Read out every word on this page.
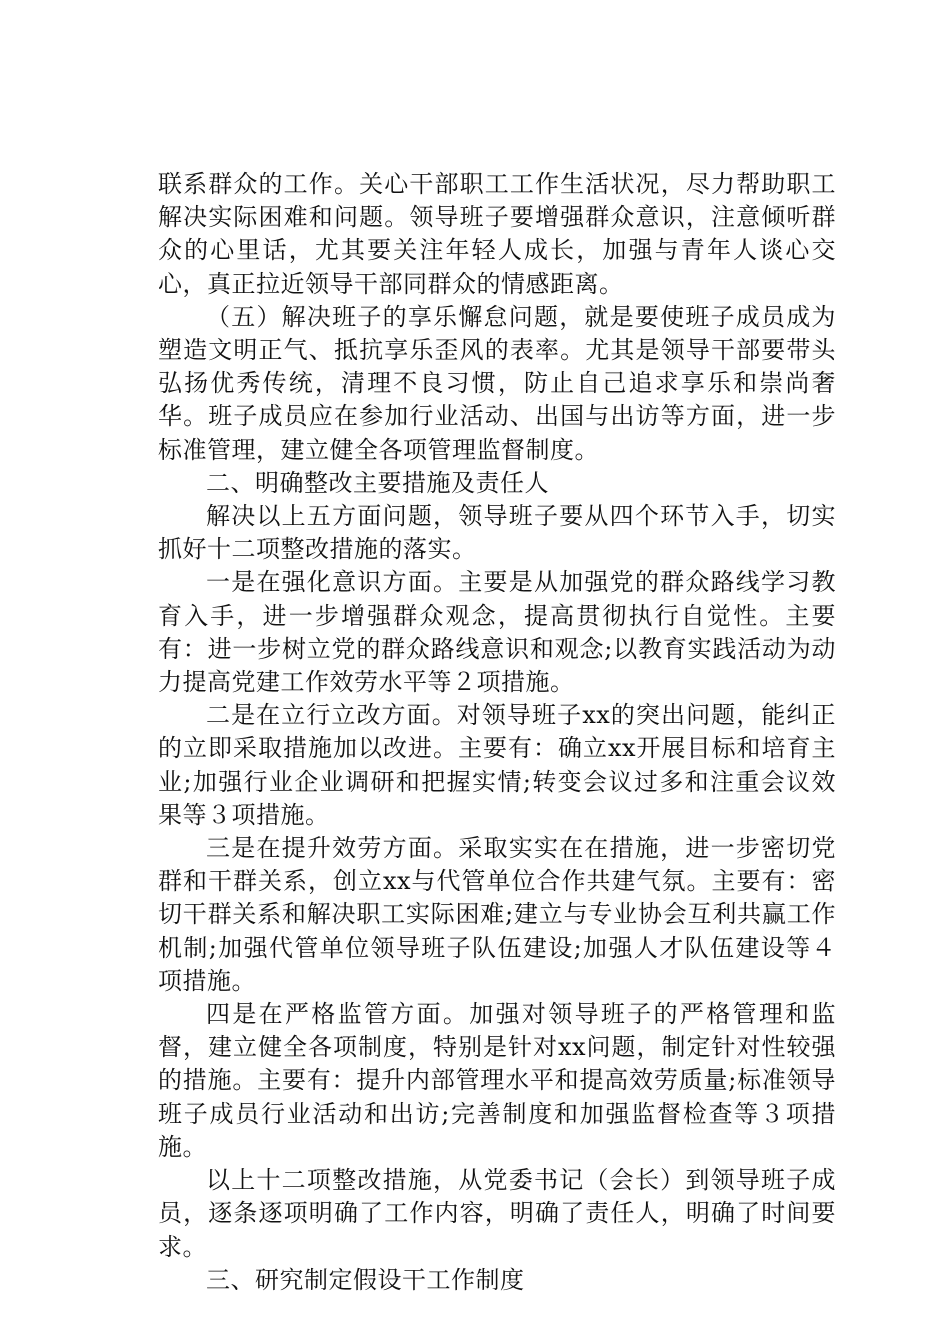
联系群众的工作。关心干部职工工作生活状况，尽力帮助职工解决实际困难和问题。领导班子要增强群众意识，注意倾听群众的心里话，尤其要关注年轻人成长，加强与青年人谈心交心，真正拉近领导干部同群众的情感距离。

（五）解决班子的享乐懈怠问题，就是要使班子成员成为塑造文明正气、抵抗享乐歪风的表率。尤其是领导干部要带头弘扬优秀传统，清理不良习惯，防止自己追求享乐和崇尚奢华。班子成员应在参加行业活动、出国与出访等方面，进一步标准管理，建立健全各项管理监督制度。

二、明确整改主要措施及责任人

解决以上五方面问题，领导班子要从四个环节入手，切实抓好十二项整改措施的落实。

一是在强化意识方面。主要是从加强党的群众路线学习教育入手，进一步增强群众观念，提高贯彻执行自觉性。主要有：进一步树立党的群众路线意识和观念;以教育实践活动为动力提高党建工作效劳水平等２项措施。

二是在立行立改方面。对领导班子xx的突出问题，能纠正的立即采取措施加以改进。主要有：确立xx开展目标和培育主业;加强行业企业调研和把握实情;转变会议过多和注重会议效果等３项措施。

三是在提升效劳方面。采取实实在在措施，进一步密切党群和干群关系，创立xx与代管单位合作共建气氛。主要有：密切干群关系和解决职工实际困难;建立与专业协会互利共赢工作机制;加强代管单位领导班子队伍建设;加强人才队伍建设等４项措施。

四是在严格监管方面。加强对领导班子的严格管理和监督，建立健全各项制度，特别是针对xx问题，制定针对性较强的措施。主要有：提升内部管理水平和提高效劳质量;标准领导班子成员行业活动和出访;完善制度和加强监督检查等３项措施。

以上十二项整改措施，从党委书记（会长）到领导班子成员，逐条逐项明确了工作内容，明确了责任人，明确了时间要求。

三、研究制定假设干工作制度
